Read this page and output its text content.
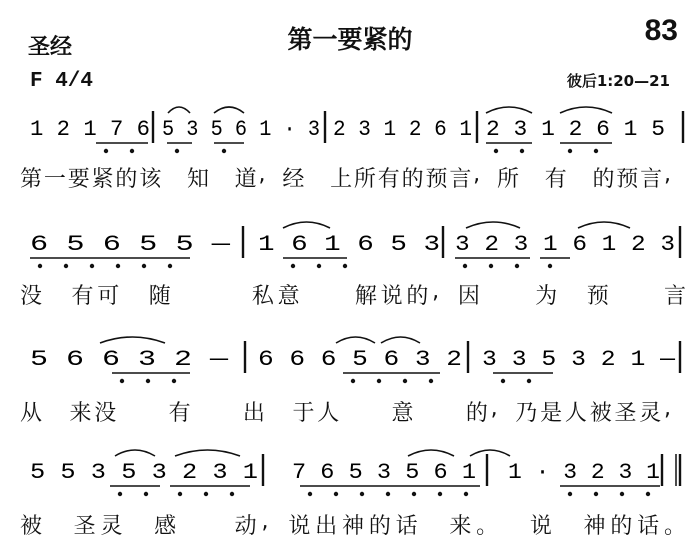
圣经	第一要紧的	83
F 4/4	彼后1:20—21
1 2 1 7 6 5 3 5 6 1 · 3 2 3 1 2 6 1 2 3 1 2 6 1 5
6 5 6 5 5 — 1 6 1 6 5 3 3 2 3 1 6 1 2 3
5 6 6 3 2 — 6 6 6 5 6 3 2 3 3 5 3 2 1 —
5 5 3 5 3 2 3 1 7 6 5 3 5 6 1 1 · 3 2 3 1
第 一 要 紧 的 该 知 道 , 经 上 所 有 的 预 言 , 所 有 的 预 言 ,
没 有 可 随	私 意	解 说 的 , 因	为 预	言
从 来 没 有 出 于 人 意 的 , 乃 是 人 被 圣 灵 ,
被 圣 灵 感	动 , 说 出 神 的 话 来 。 说 神 的 话 。
